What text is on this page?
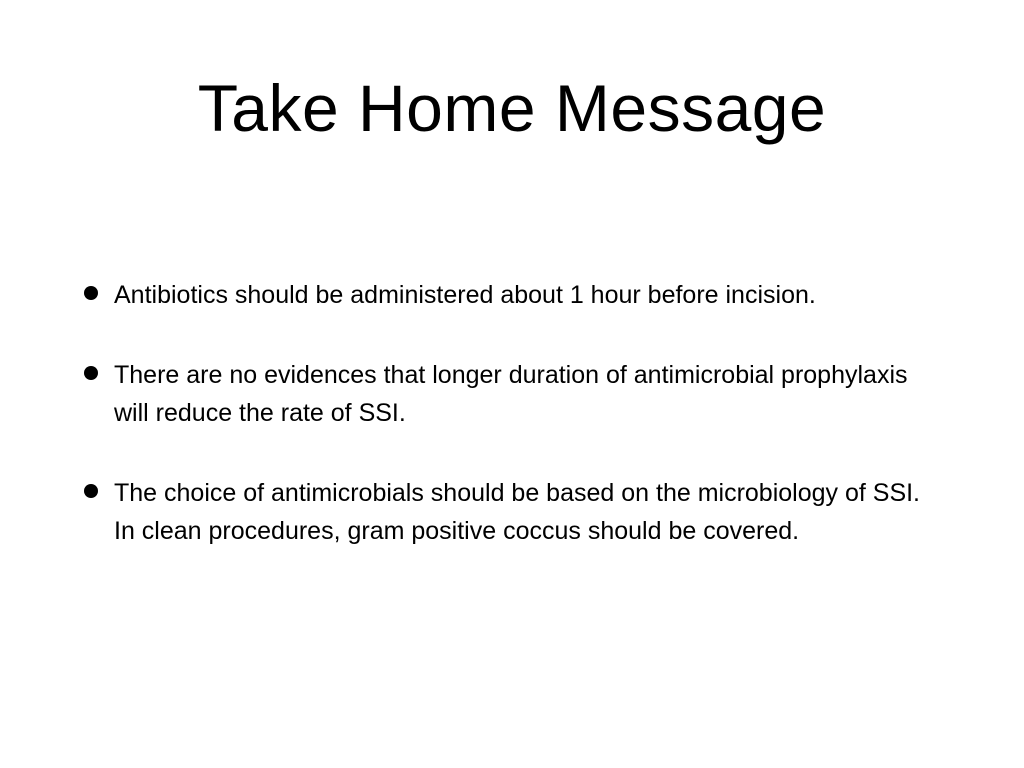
Take Home Message
Antibiotics should be administered about 1 hour before incision.
There are no evidences that longer duration of antimicrobial prophylaxis will reduce the rate of SSI.
The choice of antimicrobials should be based on the microbiology of SSI. In clean procedures, gram positive coccus should be covered.
